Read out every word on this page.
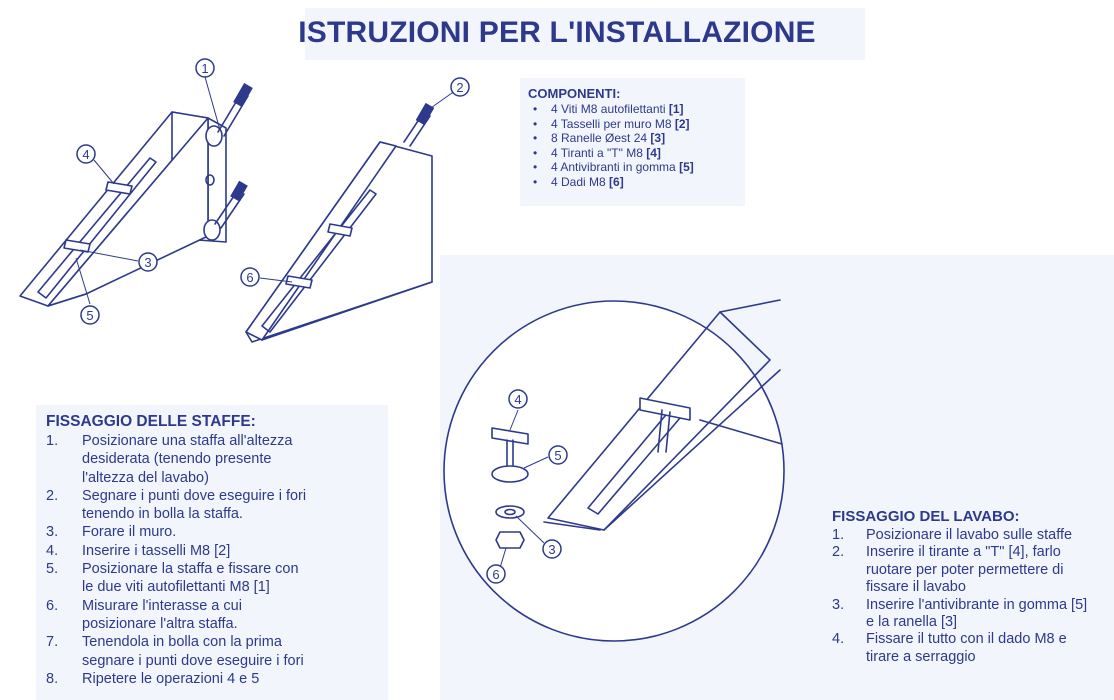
1
2
4
3
5
6
4
5
3
6
ISTRUZIONI PER L'INSTALLAZIONE
COMPONENTI:
• 4 Viti M8 autofilettanti [1]
• 4 Tasselli per muro M8 [2]
• 8 Ranelle Øest 24 [3]
• 4 Tiranti a "T" M8 [4]
• 4 Antivibranti in gomma [5]
• 4 Dadi M8 [6]
FISSAGGIO DELLE STAFFE:
1. Posizionare una staffa all'altezza
desiderata (tenendo presente
l'altezza del lavabo)
2. Segnare i punti dove eseguire i fori
tenendo in bolla la staffa.
3. Forare il muro.
4. Inserire i tasselli M8 [2]
5. Posizionare la staffa e fissare con
le due viti autofilettanti M8 [1]
6. Misurare l'interasse a cui
posizionare l'altra staffa.
7. Tenendola in bolla con la prima
segnare i punti dove eseguire i fori
8. Ripetere le operazioni 4 e 5
FISSAGGIO DEL LAVABO:
1. Posizionare il lavabo sulle staffe
2. Inserire il tirante a "T" [4], farlo
ruotare per poter permettere di
fissare il lavabo
3. Inserire l'antivibrante in gomma [5]
e la ranella [3]
4. Fissare il tutto con il dado M8 e
tirare a serraggio
